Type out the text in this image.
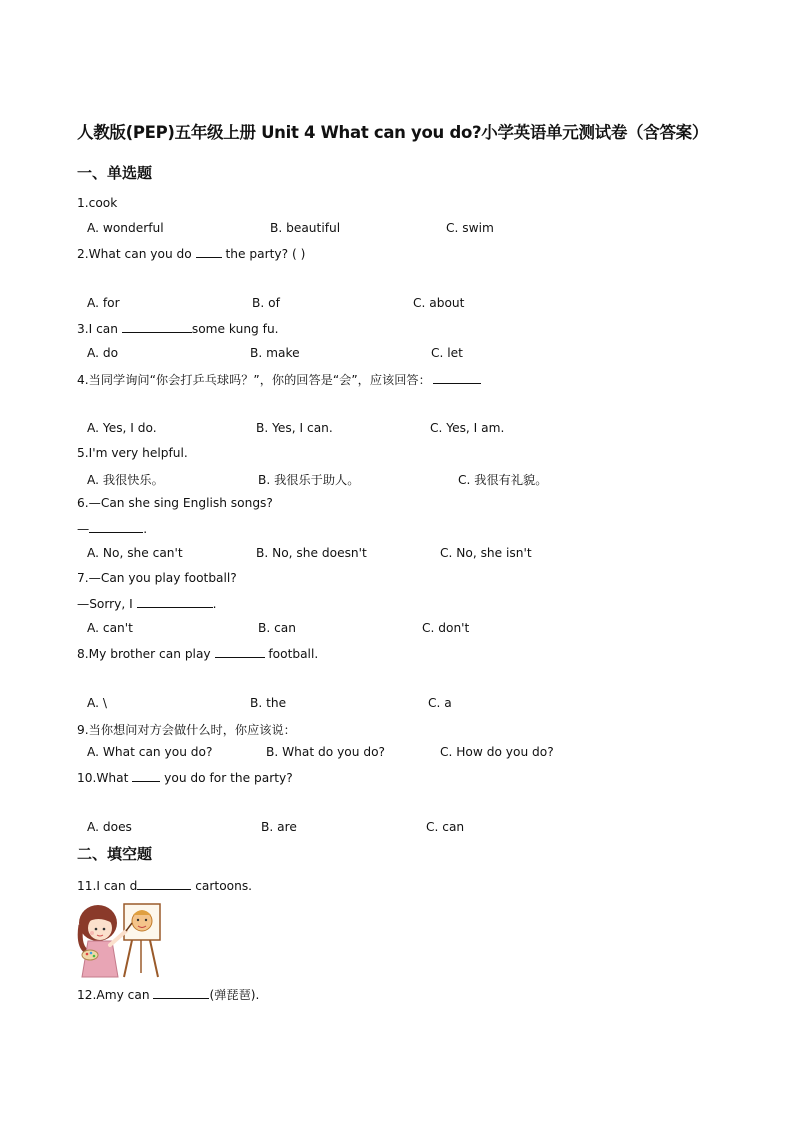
人教版(PEP)五年级上册 Unit 4 What can you do?小学英语单元测试卷（含答案）
一、单选题
1.cook
A. wonderful	B. beautiful	C. swim
2.What can you do  the party? ( )
A. for	B. of	C. about
3.I can	some kung fu.
A. do	B. make	C. let
4.当同学询问“你会打乒乓球吗？”，你的回答是“会”，应该回答：
A. Yes, I do.	B. Yes, I can.	C. Yes, I am.
5.I'm very helpful.
A. 我很快乐。	B. 我很乐于助人。	C. 我很有礼貌。
6.—Can she sing English songs?
—	.
A. No, she can't	B. No, she doesn't	C. No, she isn't
7.—Can you play football?
—Sorry, I	.
A. can't	B. can	C. don't
8.My brother can play	football.
A. \	B. the	C. a
9.当你想问对方会做什么时，你应该说：
A. What can you do?	B. What do you do?	C. How do you do?
10.What  you do for the party?
A. does	B. are	C. can
二、填空题
11.I can d	cartoons.
12.Amy can	(弹琵琶).
